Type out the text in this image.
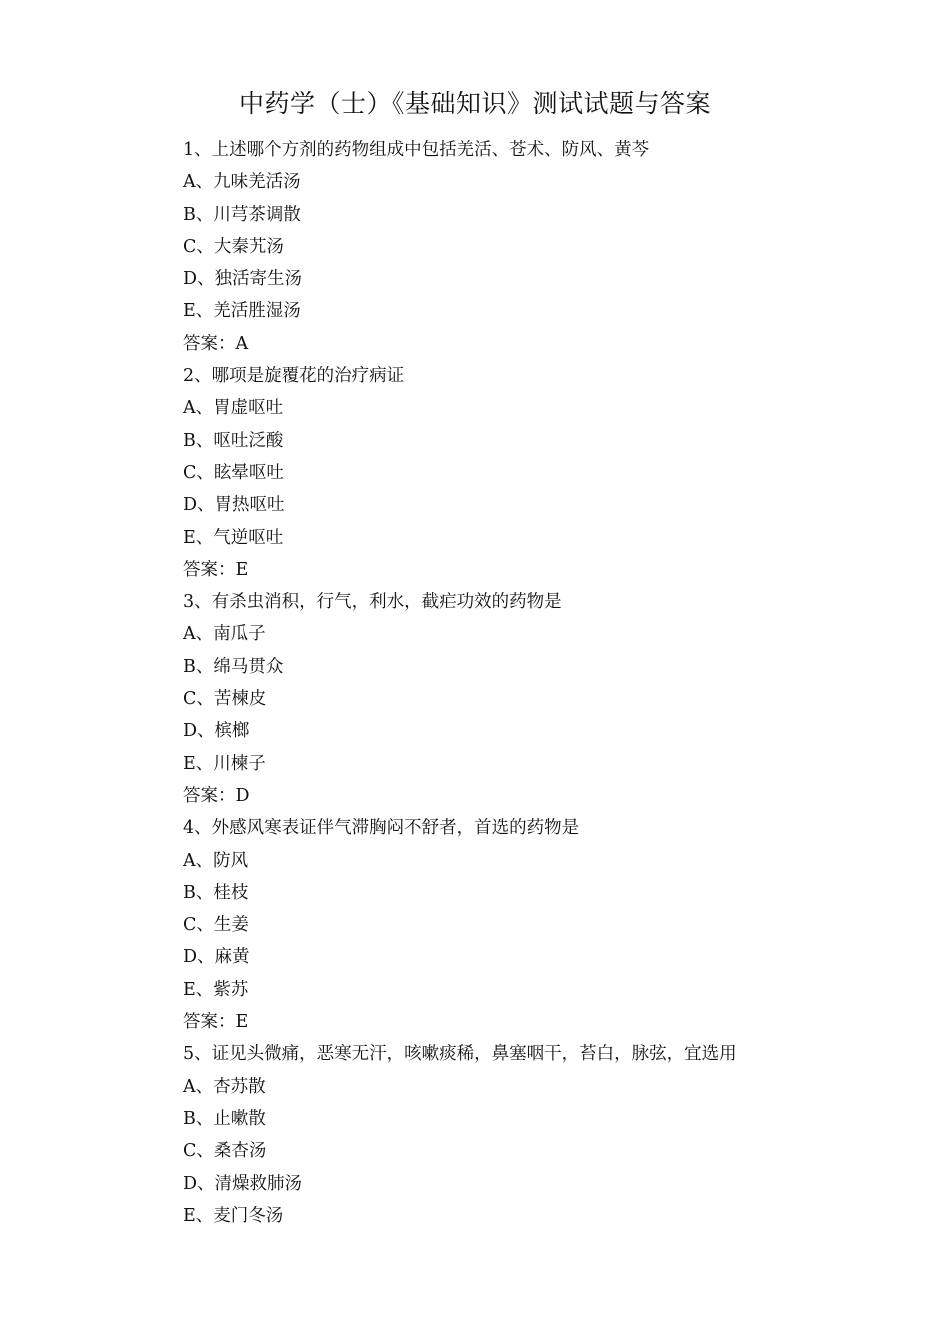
中药学（士）《基础知识》测试试题与答案
1、上述哪个方剂的药物组成中包括羌活、苍术、防风、黄芩
A、九味羌活汤
B、川芎茶调散
C、大秦艽汤
D、独活寄生汤
E、羌活胜湿汤
答案：A
2、哪项是旋覆花的治疗病证
A、胃虚呕吐
B、呕吐泛酸
C、眩晕呕吐
D、胃热呕吐
E、气逆呕吐
答案：E
3、有杀虫消积，行气，利水，截疟功效的药物是
A、南瓜子
B、绵马贯众
C、苦楝皮
D、槟榔
E、川楝子
答案：D
4、外感风寒表证伴气滞胸闷不舒者，首选的药物是
A、防风
B、桂枝
C、生姜
D、麻黄
E、紫苏
答案：E
5、证见头微痛，恶寒无汗，咳嗽痰稀，鼻塞咽干，苔白，脉弦，宜选用
A、杏苏散
B、止嗽散
C、桑杏汤
D、清燥救肺汤
E、麦门冬汤
